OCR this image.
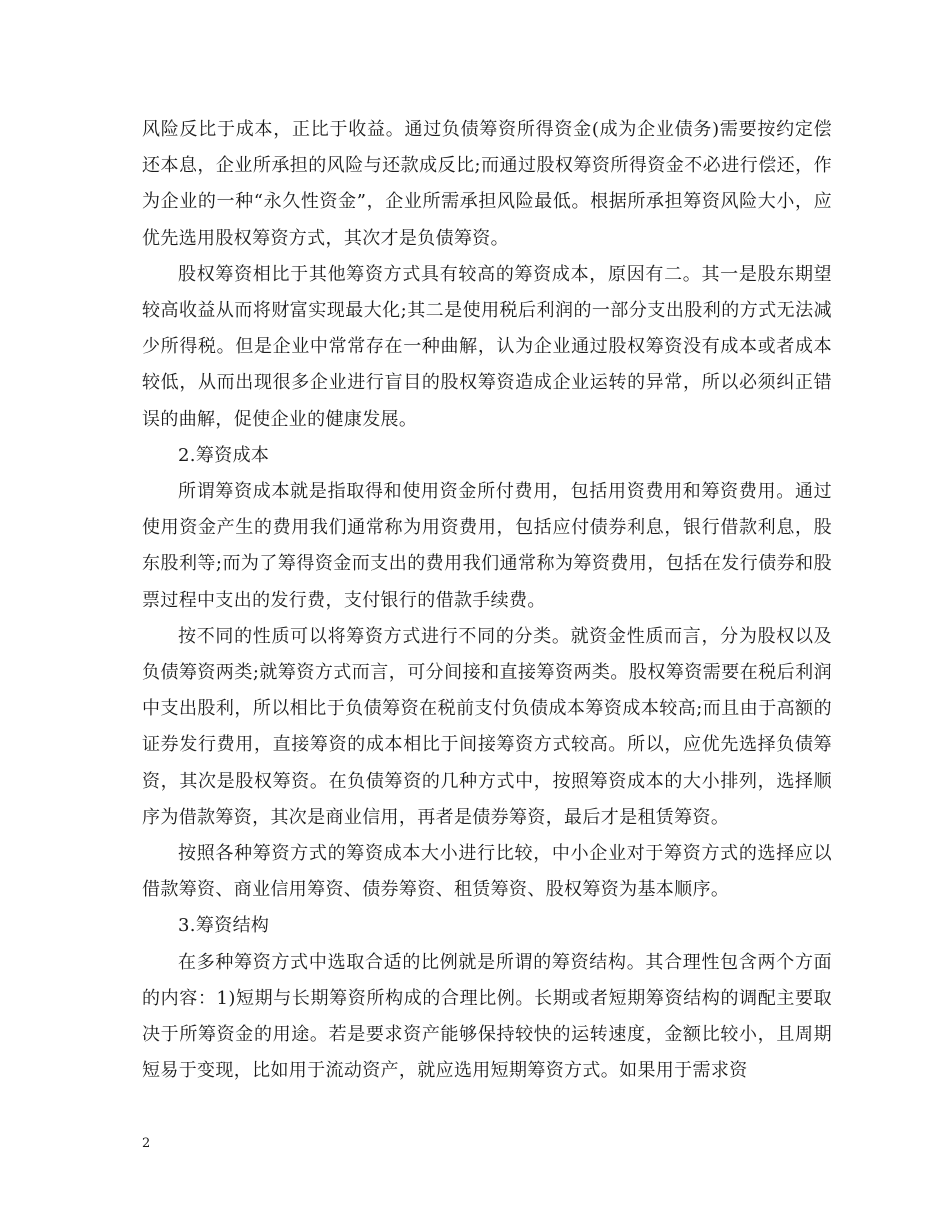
风险反比于成本，正比于收益。通过负债筹资所得资金(成为企业债务)需要按约定偿还本息，企业所承担的风险与还款成反比;而通过股权筹资所得资金不必进行偿还，作为企业的一种“永久性资金”，企业所需承担风险最低。根据所承担筹资风险大小，应优先选用股权筹资方式，其次才是负债筹资。

股权筹资相比于其他筹资方式具有较高的筹资成本，原因有二。其一是股东期望较高收益从而将财富实现最大化;其二是使用税后利润的一部分支出股利的方式无法减少所得税。但是企业中常常存在一种曲解，认为企业通过股权筹资没有成本或者成本较低，从而出现很多企业进行盲目的股权筹资造成企业运转的异常，所以必须纠正错误的曲解，促使企业的健康发展。

2.筹资成本

所谓筹资成本就是指取得和使用资金所付费用，包括用资费用和筹资费用。通过使用资金产生的费用我们通常称为用资费用，包括应付债券利息，银行借款利息，股东股利等;而为了筹得资金而支出的费用我们通常称为筹资费用，包括在发行债券和股票过程中支出的发行费，支付银行的借款手续费。

按不同的性质可以将筹资方式进行不同的分类。就资金性质而言，分为股权以及负债筹资两类;就筹资方式而言，可分间接和直接筹资两类。股权筹资需要在税后利润中支出股利，所以相比于负债筹资在税前支付负债成本筹资成本较高;而且由于高额的证券发行费用，直接筹资的成本相比于间接筹资方式较高。所以，应优先选择负债筹资，其次是股权筹资。在负债筹资的几种方式中，按照筹资成本的大小排列，选择顺序为借款筹资，其次是商业信用，再者是债券筹资，最后才是租赁筹资。

按照各种筹资方式的筹资成本大小进行比较，中小企业对于筹资方式的选择应以借款筹资、商业信用筹资、债券筹资、租赁筹资、股权筹资为基本顺序。

3.筹资结构

在多种筹资方式中选取合适的比例就是所谓的筹资结构。其合理性包含两个方面的内容：1)短期与长期筹资所构成的合理比例。长期或者短期筹资结构的调配主要取决于所筹资金的用途。若是要求资产能够保持较快的运转速度，金额比较小，且周期短易于变现，比如用于流动资产，就应选用短期筹资方式。如果用于需求资

2
